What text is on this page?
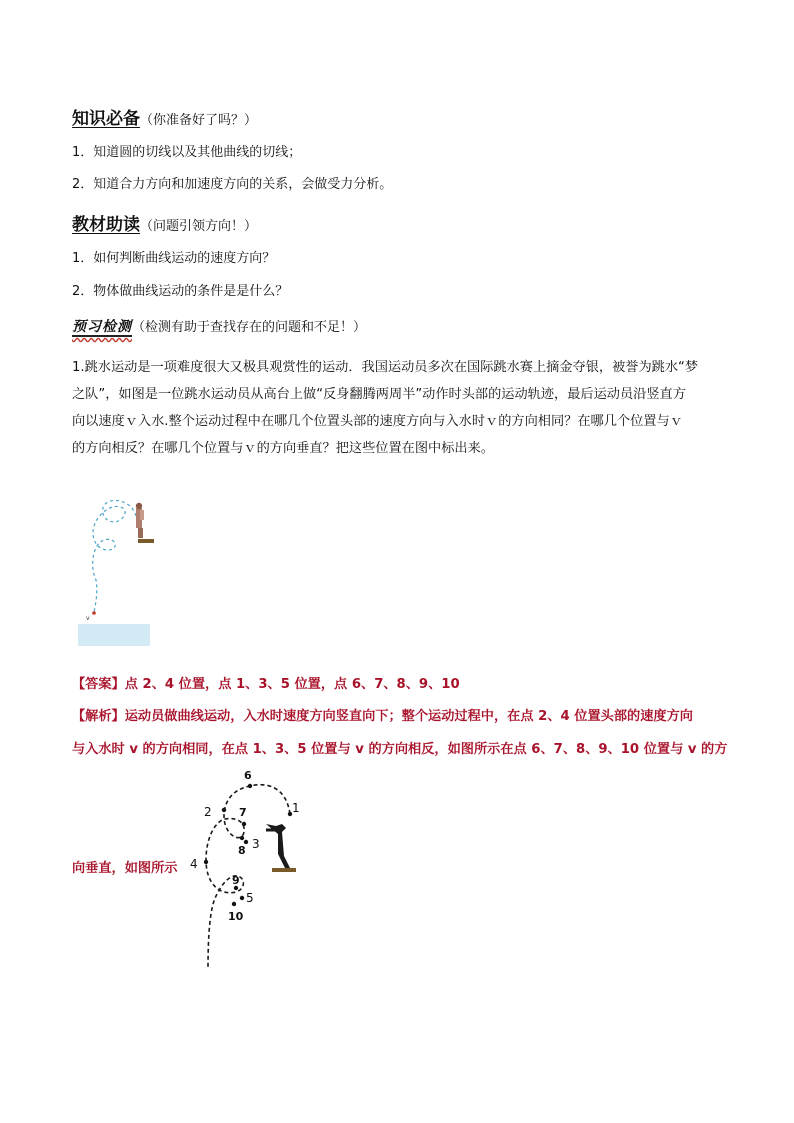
知识必备（你准备好了吗？）
1．知道圆的切线以及其他曲线的切线；
2．知道合力方向和加速度方向的关系，会做受力分析。
教材助读（问题引领方向！）
1．如何判断曲线运动的速度方向？
2．物体做曲线运动的条件是是什么？
预习检测（检测有助于查找存在的问题和不足！）
1.跳水运动是一项难度很大又极具观赏性的运动．我国运动员多次在国际跳水赛上摘金夺银，被誉为跳水“梦
之队”，如图是一位跳水运动员从高台上做“反身翻腾两周半”动作时头部的运动轨迹，最后运动员沿竖直方
向以速度ｖ入水.整个运动过程中在哪几个位置头部的速度方向与入水时ｖ的方向相同？在哪几个位置与ｖ
的方向相反？在哪几个位置与ｖ的方向垂直？把这些位置在图中标出来。
v
【答案】点 2、4 位置，点 1、3、5 位置，点 6、7、8、9、10
【解析】运动员做曲线运动，入水时速度方向竖直向下；整个运动过程中，在点 2、4 位置头部的速度方向
与入水时 v 的方向相同，在点 1、3、5 位置与 v 的方向相反，如图所示在点 6、7、8、9、10 位置与 v 的方
向垂直，如图所示
1
2
3
4
5
6
7
8
9
10
